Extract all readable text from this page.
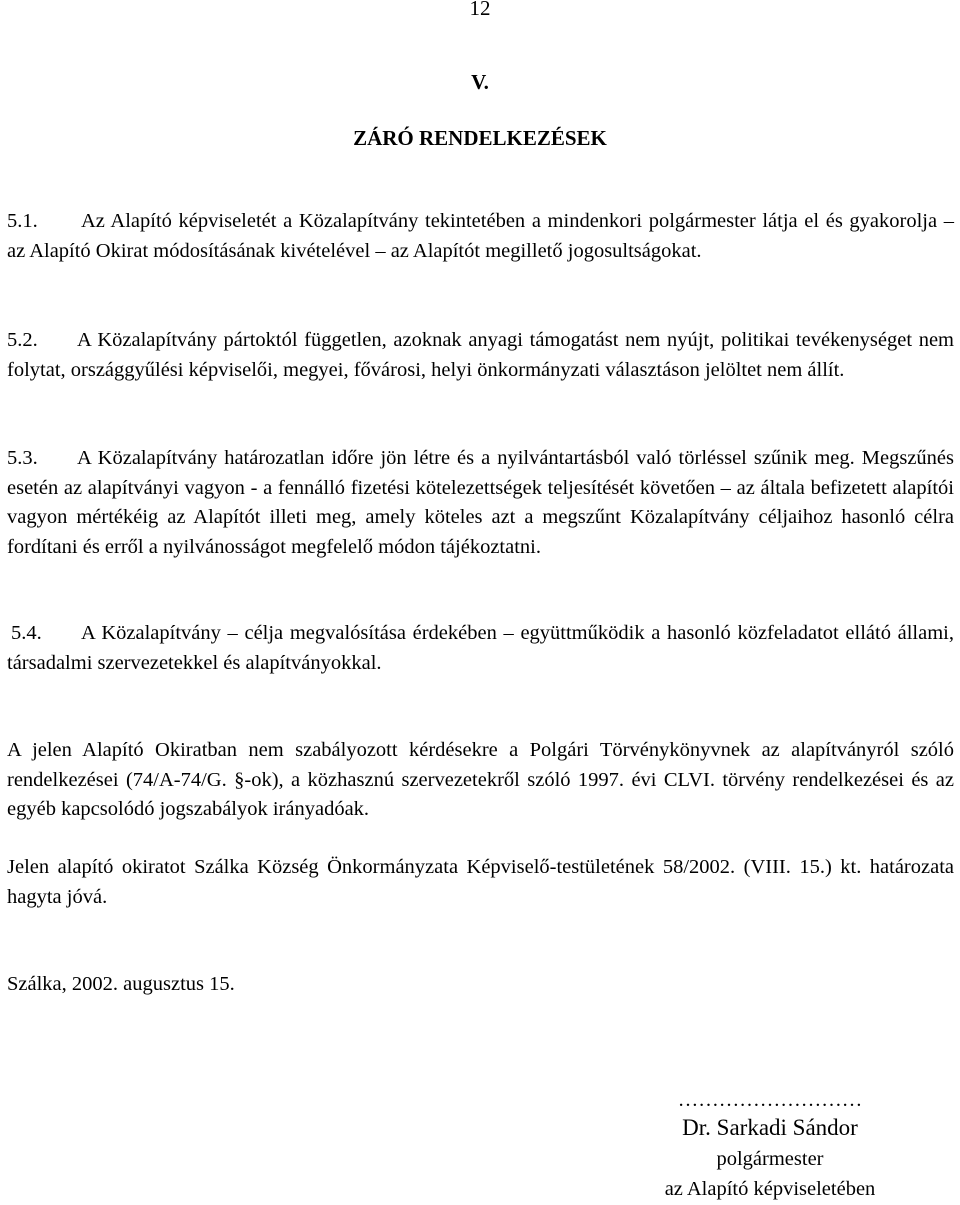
12
V.
ZÁRÓ RENDELKEZÉSEK

5.1. Az Alapító képviseletét a Közalapítvány tekintetében a mindenkori polgármester látja el és gyakorolja – az Alapító Okirat módosításának kivételével – az Alapítót megillető jogosultságokat.

5.2. A Közalapítvány pártoktól független, azoknak anyagi támogatást nem nyújt, politikai tevékenységet nem folytat, országgyűlési képviselői, megyei, fővárosi, helyi önkormányzati választáson jelöltet nem állít.

5.3. A Közalapítvány határozatlan időre jön létre és a nyilvántartásból való törléssel szűnik meg. Megszűnés esetén az alapítványi vagyon - a fennálló fizetési kötelezettségek teljesítését követően – az általa befizetett alapítói vagyon mértékéig az Alapítót illeti meg, amely köteles azt a megszűnt Közalapítvány céljaihoz hasonló célra fordítani és erről a nyilvánosságot megfelelő módon tájékoztatni.

5.4. A Közalapítvány – célja megvalósítása érdekében – együttműködik a hasonló közfeladatot ellátó állami, társadalmi szervezetekkel és alapítványokkal.

A jelen Alapító Okiratban nem szabályozott kérdésekre a Polgári Törvénykönyvnek az alapítványról szóló rendelkezései (74/A-74/G. §-ok), a közhasznú szervezetekről szóló 1997. évi CLVI. törvény rendelkezései és az egyéb kapcsolódó jogszabályok irányadóak.

Jelen alapító okiratot Szálka Község Önkormányzata Képviselő-testületének 58/2002. (VIII. 15.) kt. határozata hagyta jóvá.

Szálka, 2002. augusztus 15.

………………………
Dr. Sarkadi Sándor
polgármester
az Alapító képviseletében
